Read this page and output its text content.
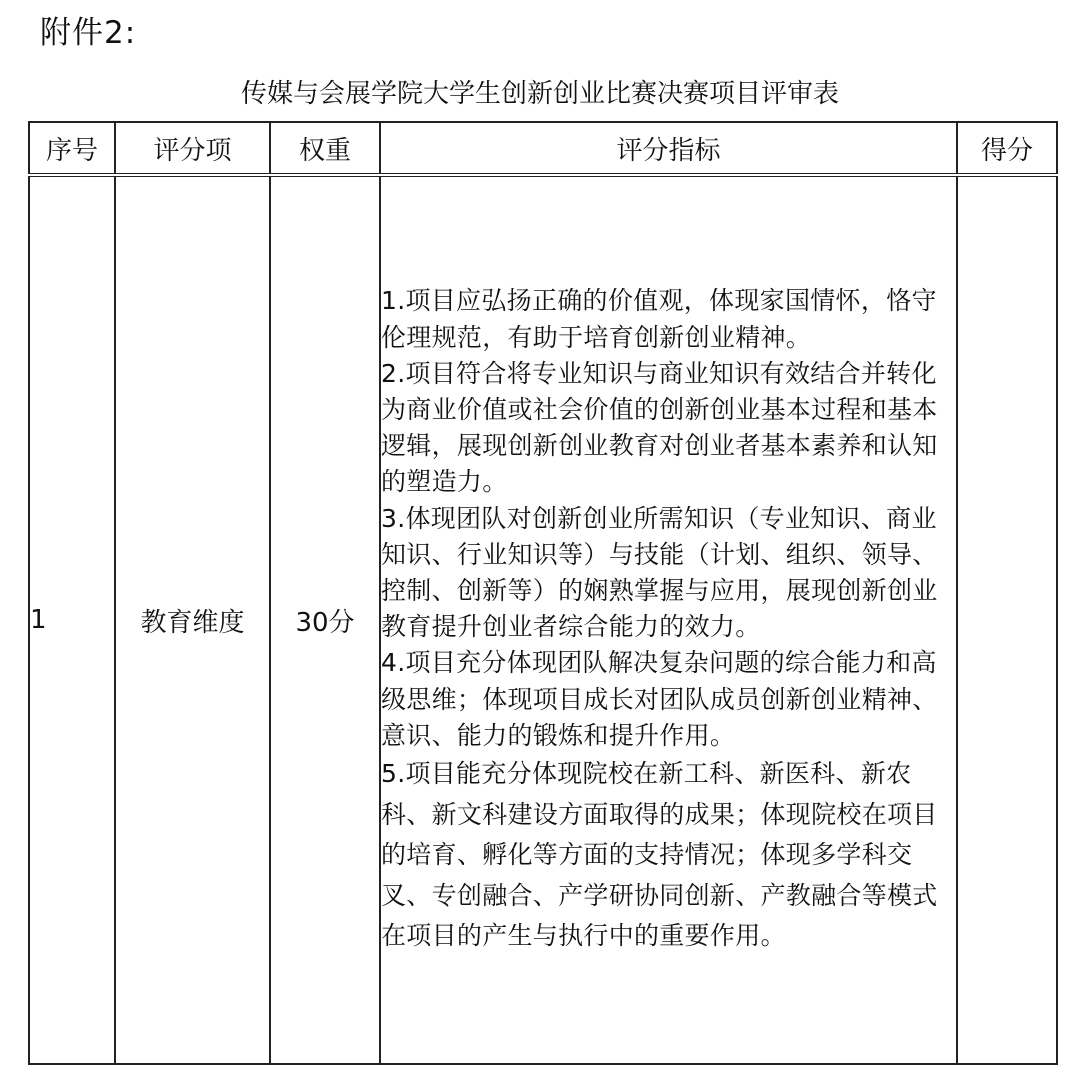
附件2:
传媒与会展学院大学生创新创业比赛决赛项目评审表
序号	评分项	权重	评分指标	得分
1	教育维度	30分	1.项目应弘扬正确的价值观，体现家国情怀，恪守伦理规范，有助于培育创新创业精神。

2.项目符合将专业知识与商业知识有效结合并转化为商业价值或社会价值的创新创业基本过程和基本逻辑，展现创新创业教育对创业者基本素养和认知的塑造力。

3.体现团队对创新创业所需知识（专业知识、商业知识、行业知识等）与技能（计划、组织、领导、控制、创新等）的娴熟掌握与应用，展现创新创业教育提升创业者综合能力的效力。

4.项目充分体现团队解决复杂问题的综合能力和高级思维；体现项目成长对团队成员创新创业精神、意识、能力的锻炼和提升作用。

5.项目能充分体现院校在新工科、新医科、新农科、新文科建设方面取得的成果；体现院校在项目的培育、孵化等方面的支持情况；体现多学科交叉、专创融合、产学研协同创新、产教融合等模式在项目的产生与执行中的重要作用。	
